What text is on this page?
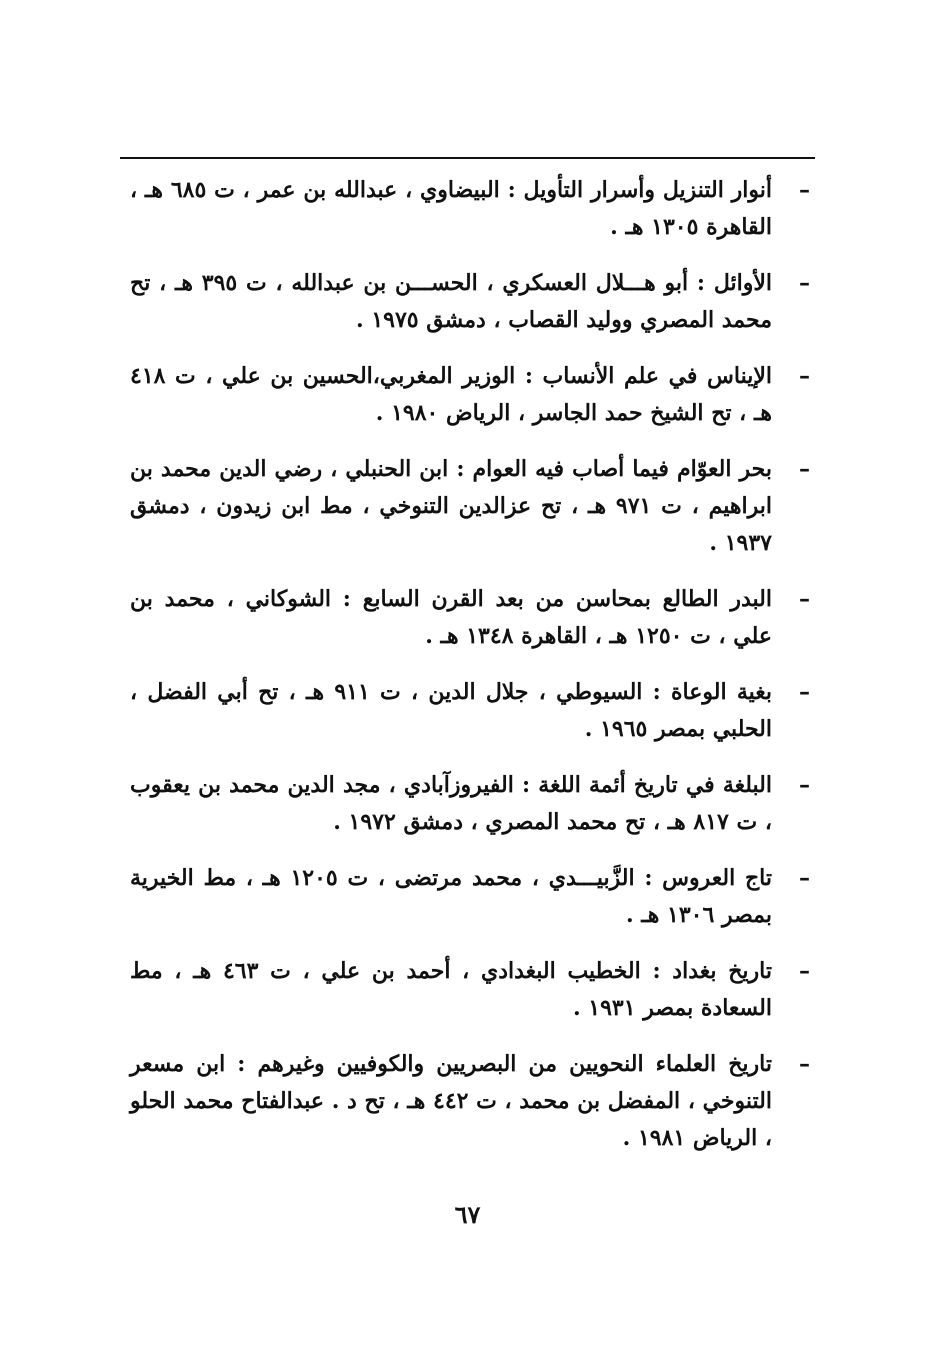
–
أنوار التنزيل وأسرار التأويل : البيضاوي ، عبدالله بن عمر ، ت ٦٨٥ هـ ، القاهرة ١٣٠٥ هـ .
–
الأوائل : أبو هـــلال العسكري ، الحســـن بن عبدالله ، ت ٣٩٥ هـ ، تح محمد المصري ووليد القصاب ، دمشق ١٩٧٥ .
–
الإيناس في علم الأنساب : الوزير المغربي،الحسين بن علي ، ت ٤١٨ هـ ، تح الشيخ حمد الجاسر ، الرياض ١٩٨٠ .
–
بحر العوّام فيما أصاب فيه العوام : ابن الحنبلي ، رضي الدين محمد بن ابراهيم ، ت ٩٧١ هـ ، تح عزالدين التنوخي ، مط ابن زيدون ، دمشق ١٩٣٧ .
–
البدر الطالع بمحاسن من بعد القرن السابع : الشوكاني ، محمد بن علي ، ت ١٢٥٠ هـ ، القاهرة ١٣٤٨ هـ .
–
بغية الوعاة : السيوطي ، جلال الدين ، ت ٩١١ هـ ، تح أبي الفضل ، الحلبي بمصر ١٩٦٥ .
–
البلغة في تاريخ أئمة اللغة : الفيروزآبادي ، مجد الدين محمد بن يعقوب ، ت ٨١٧ هـ ، تح محمد المصري ، دمشق ١٩٧٢ .
–
تاج العروس : الزَّبيـــدي ، محمد مرتضى ، ت ١٢٠٥ هـ ، مط الخيرية بمصر ١٣٠٦ هـ .
–
تاريخ بغداد : الخطيب البغدادي ، أحمد بن علي ، ت ٤٦٣ هـ ، مط السعادة بمصر ١٩٣١ .
–
تاريخ العلماء النحويين من البصريين والكوفيين وغيرهم : ابن مسعر التنوخي ، المفضل بن محمد ، ت ٤٤٢ هـ ، تح د . عبدالفتاح محمد الحلو ، الرياض ١٩٨١ .
٦٧
